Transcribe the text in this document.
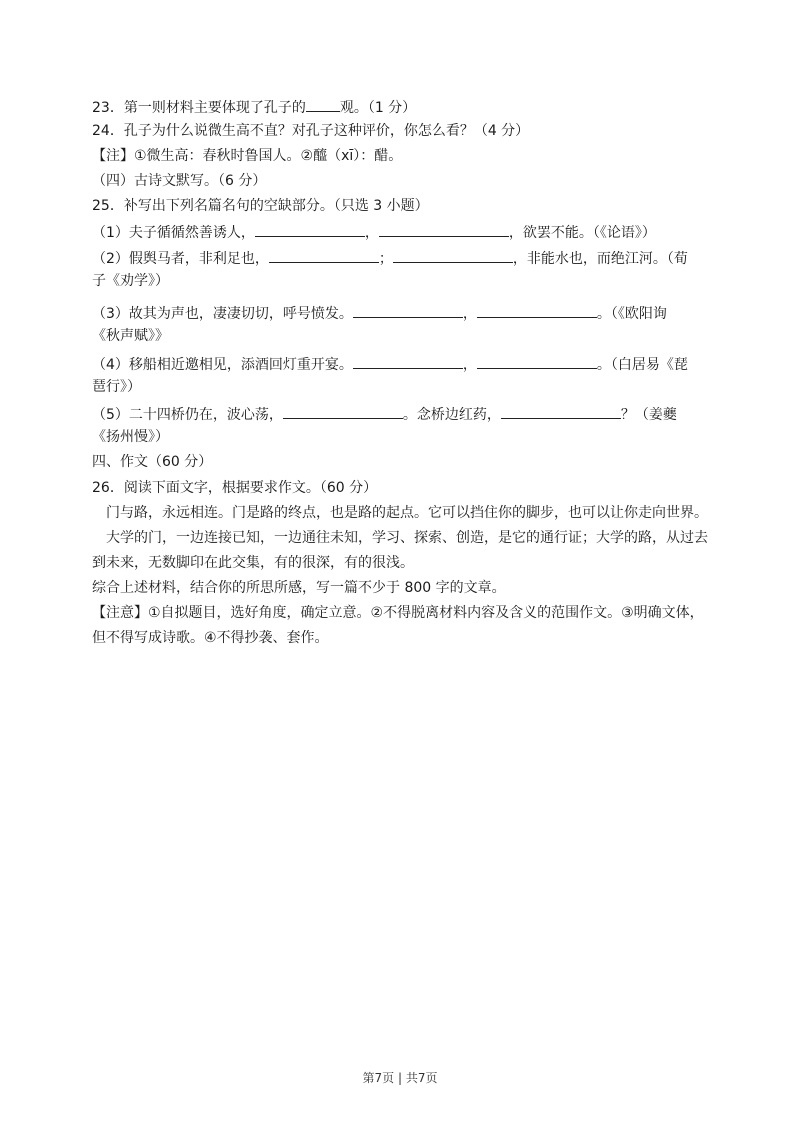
23．第一则材料主要体现了孔子的 观。（1 分）
24．孔子为什么说微生高不直？对孔子这种评价，你怎么看？（4 分）
【注】①微生高：春秋时鲁国人。②醯（xī）：醋。
（四）古诗文默写。（6 分）
25．补写出下列名篇名句的空缺部分。（只选 3 小题）
（1）夫子循循然善诱人，	，	，欲罢不能。（《论语》）
（2）假舆马者，非利足也，	；	，非能水也，而绝江河。（荀
子《劝学》）
（3）故其为声也，凄凄切切，呼号愤发。	，	。（《欧阳询
《秋声赋》》
（4）移船相近邀相见，添酒回灯重开宴。	，	。（白居易《琵
琶行》）
（5）二十四桥仍在，波心荡，	。念桥边红药，	？（姜夔
《扬州慢》）
四、作文（60 分）
26．阅读下面文字，根据要求作文。（60 分）
门与路，永远相连。门是路的终点，也是路的起点。它可以挡住你的脚步，也可以让你走向世界。
大学的门，一边连接已知，一边通往未知，学习、探索、创造，是它的通行证；大学的路，从过去
到未来，无数脚印在此交集，有的很深，有的很浅。
综合上述材料，结合你的所思所感，写一篇不少于 800 字的文章。
【注意】①自拟题目，选好角度，确定立意。②不得脱离材料内容及含义的范围作文。③明确文体，
但不得写成诗歌。④不得抄袭、套作。
第7页 | 共7页
